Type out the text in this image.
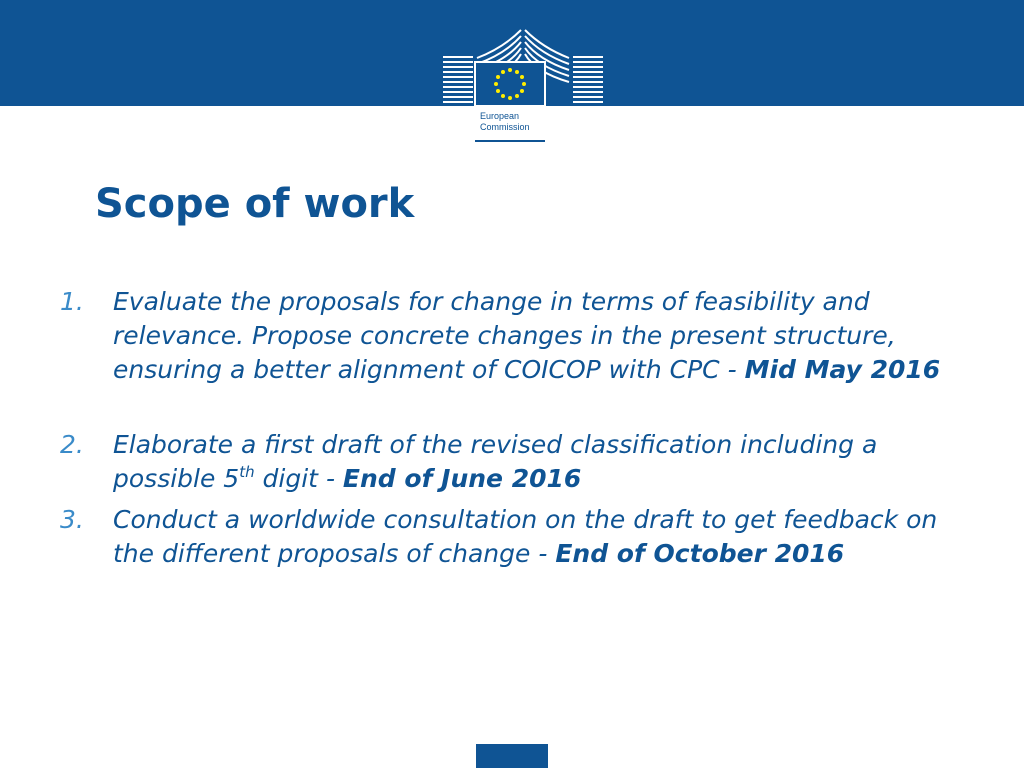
European
Commission
Scope of work
1.	Evaluate the proposals for change in terms of feasibility and relevance. Propose concrete changes in the present structure, ensuring a better alignment of COICOP with CPC - Mid May 2016
2.	Elaborate a first draft of the revised classification including a possible 5th digit - End of June 2016
3.	Conduct a worldwide consultation on the draft to get feedback on the different proposals of change - End of October 2016
